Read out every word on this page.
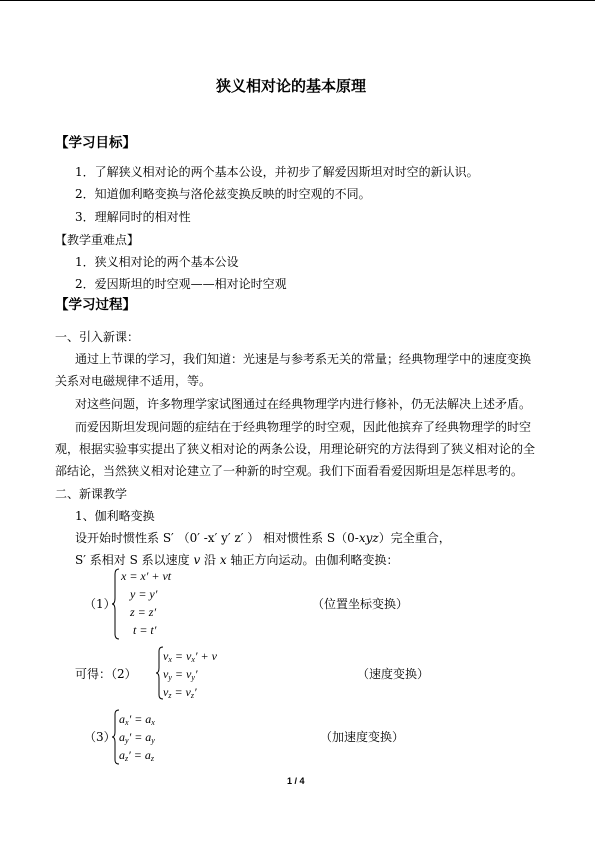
狭义相对论的基本原理
【学习目标】
1．了解狭义相对论的两个基本公设，并初步了解爱因斯坦对时空的新认识。
2．知道伽利略变换与洛伦兹变换反映的时空观的不同。
3．理解同时的相对性
【教学重难点】
1．狭义相对论的两个基本公设
2．爱因斯坦的时空观——相对论时空观
【学习过程】
一、引入新课：
通过上节课的学习，我们知道：光速是与参考系无关的常量；经典物理学中的速度变换
关系对电磁规律不适用，等。
对这些问题，许多物理学家试图通过在经典物理学内进行修补，仍无法解决上述矛盾。
而爱因斯坦发现问题的症结在于经典物理学的时空观，因此他摈弃了经典物理学的时空
观，根据实验事实提出了狭义相对论的两条公设，用理论研究的方法得到了狭义相对论的全
部结论，当然狭义相对论建立了一种新的时空观。我们下面看看爱因斯坦是怎样思考的。
二、新课教学
1、伽利略变换
设开始时惯性系 S′ （0′ -x′ y′ z′ ） 相对惯性系 S（0-xyz）完全重合，
S′ 系相对 S 系以速度 v 沿 x 轴正方向运动。由伽利略变换：
（1）
x = x′ + vt
y = y′
z = z′
t = t′
（位置坐标变换）
可得：（2）
$v_x = v_x' + v$
$v_y = v_y'$
$v_z = v_z'$
（速度变换）
（3）
$a_x' = a_x$
$a_y' = a_y$
$a_z' = a_z$
（加速度变换）
1 / 4
